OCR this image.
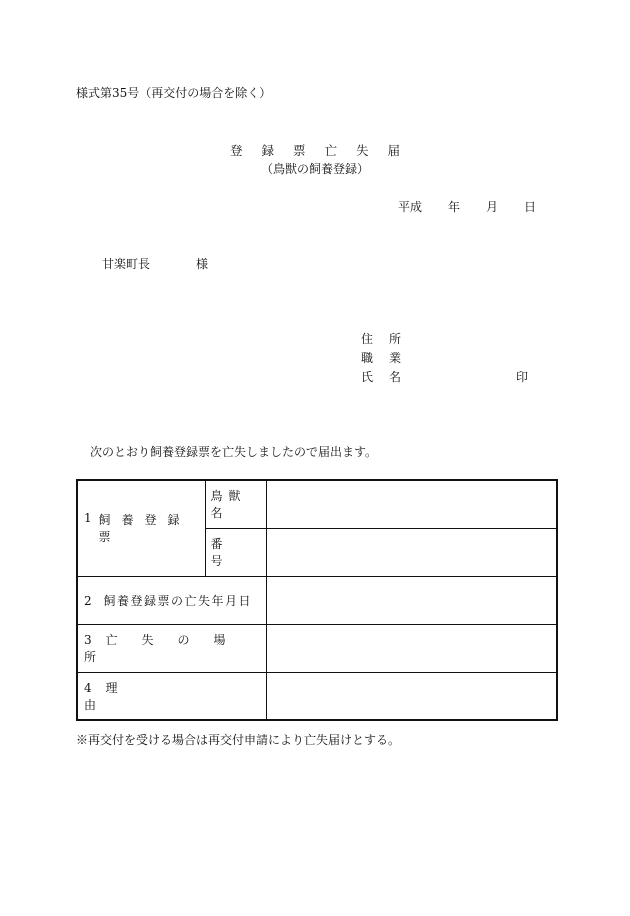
様式第35号（再交付の場合を除く）
登録票亡失届
（鳥獣の飼養登録）
平成 年 月 日
甘楽町長	様
住所
職業
氏名	印
次のとおり飼養登録票を亡失しましたので届出ます。
1 飼養登録票	鳥獣名	
	番号	
2 飼養登録票の亡失年月日		
3 亡失の場所		
4 理由		
※再交付を受ける場合は再交付申請により亡失届けとする。
